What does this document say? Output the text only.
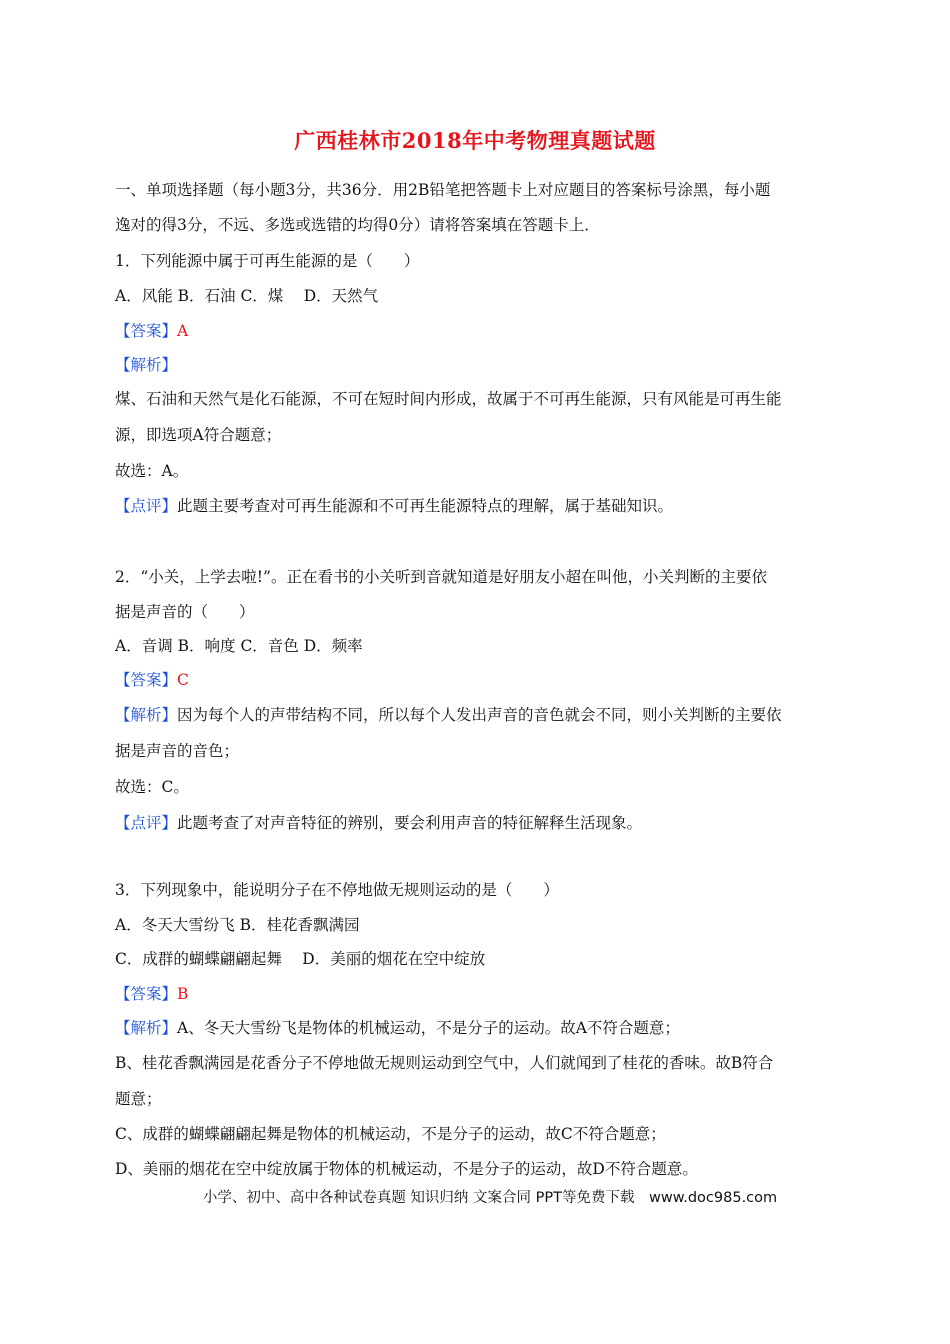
广西桂林市2018年中考物理真题试题
一、单项选择题（每小题3分，共36分．用2B铅笔把答题卡上对应题目的答案标号涂黑，每小题
逸对的得3分，不远、多选或选错的均得0分）请将答案填在答题卡上．
1．下列能源中属于可再生能源的是（　　）
A．风能 B．石油 C．煤　 D．天然气
【答案】A
【解析】
煤、石油和天然气是化石能源，不可在短时间内形成，故属于不可再生能源，只有风能是可再生能
源，即选项A符合题意；
故选：A。
【点评】此题主要考查对可再生能源和不可再生能源特点的理解，属于基础知识。
2．“小关，上学去啦!”。正在看书的小关听到音就知道是好朋友小超在叫他，小关判断的主要依
据是声音的（　　）
A．音调 B．响度 C．音色 D．频率
【答案】C
【解析】因为每个人的声带结构不同，所以每个人发出声音的音色就会不同，则小关判断的主要依
据是声音的音色；
故选：C。
【点评】此题考查了对声音特征的辨别，要会利用声音的特征解释生活现象。
3．下列现象中，能说明分子在不停地做无规则运动的是（　　）
A．冬天大雪纷飞 B．桂花香飘满园
C．成群的蝴蝶翩翩起舞　 D．美丽的烟花在空中绽放
【答案】B
【解析】A、冬天大雪纷飞是物体的机械运动，不是分子的运动。故A不符合题意；
B、桂花香飘满园是花香分子不停地做无规则运动到空气中，人们就闻到了桂花的香味。故B符合
题意；
C、成群的蝴蝶翩翩起舞是物体的机械运动，不是分子的运动，故C不符合题意；
D、美丽的烟花在空中绽放属于物体的机械运动，不是分子的运动，故D不符合题意。
小学、初中、高中各种试卷真题 知识归纳 文案合同 PPT等免费下载　www.doc985.com
